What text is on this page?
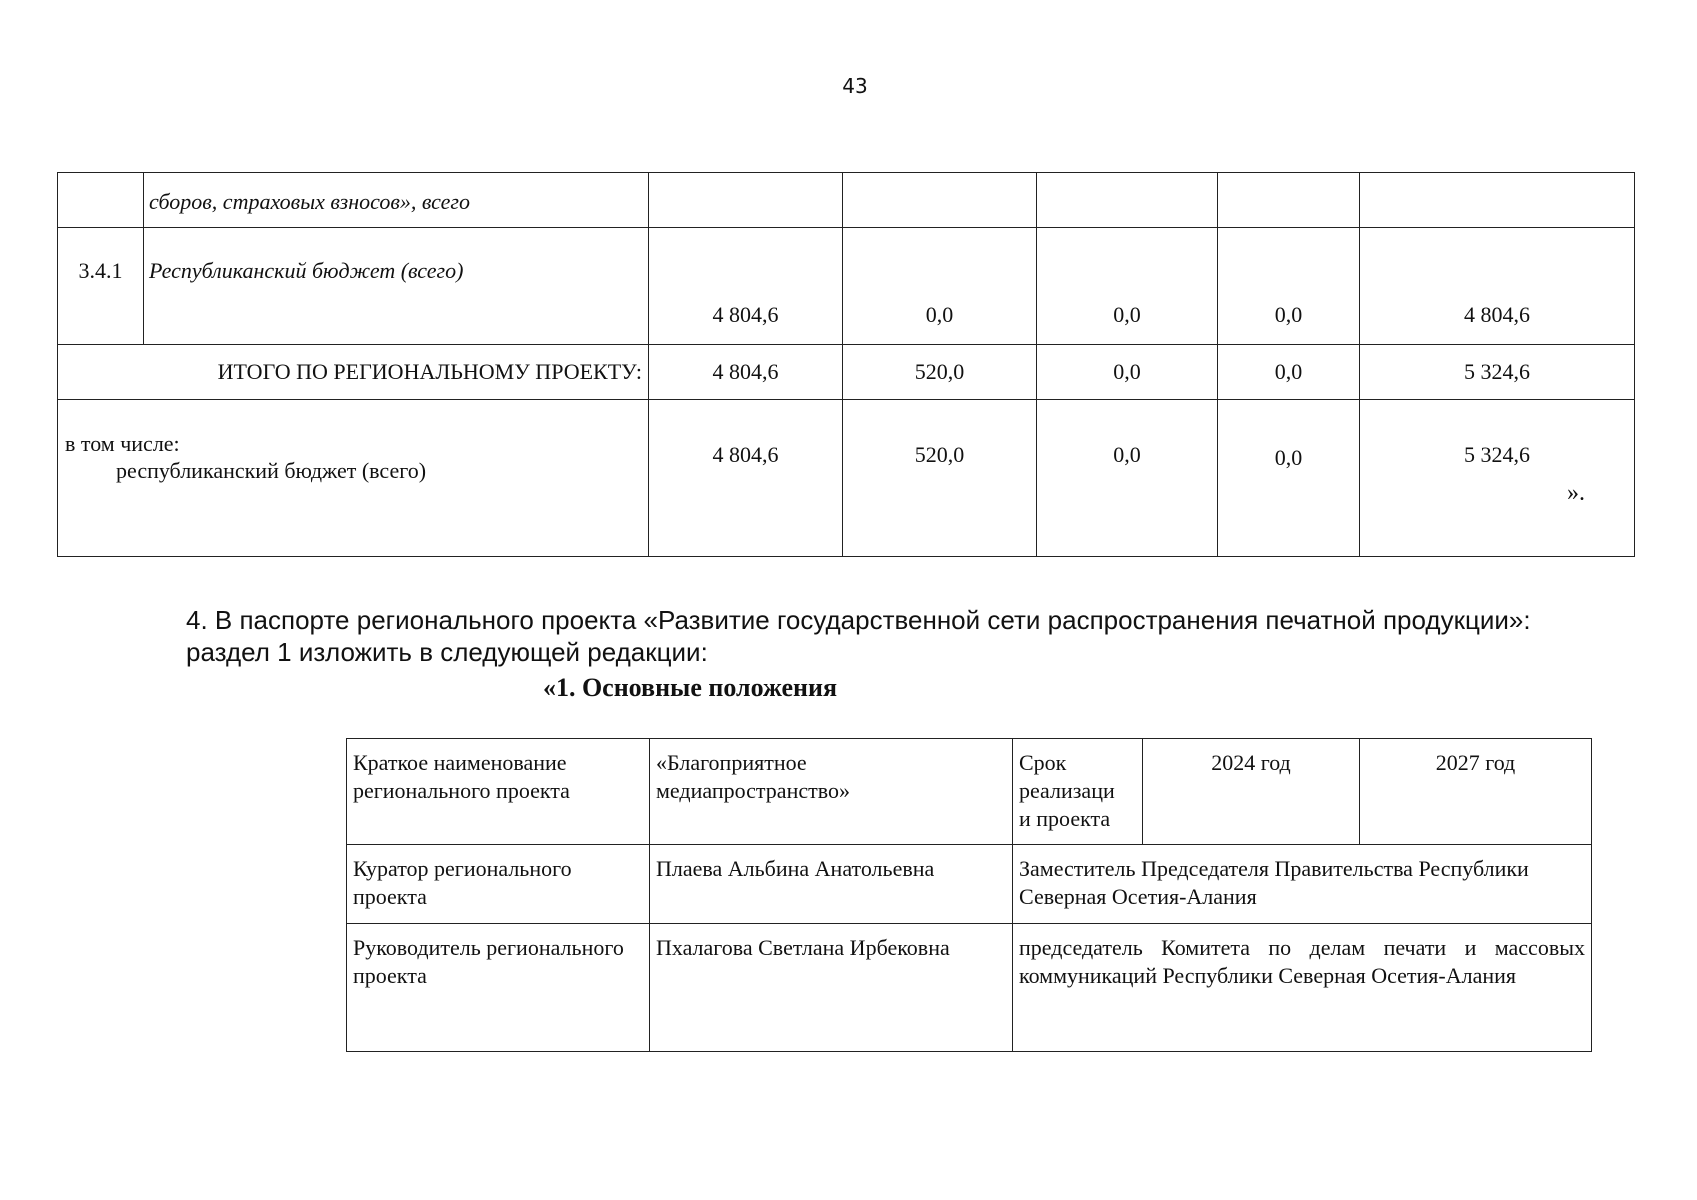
43
	сборов, страховых взносов», всего					
3.4.1	Республиканский бюджет (всего)	4 804,6	0,0	0,0	0,0	4 804,6
ИТОГО ПО РЕГИОНАЛЬНОМУ ПРОЕКТУ:		4 804,6	520,0	0,0	0,0	5 324,6
в том числе:
республиканский бюджет (всего)		4 804,6	520,0	0,0	0,0	5 324,6
».
4. В паспорте регионального проекта «Развитие государственной сети распространения печатной продукции»:
раздел 1 изложить в следующей редакции:
«1. Основные положения
Краткое наименование регионального проекта	«Благоприятное медиапространство»	Срок
реализаци
и проекта	2024 год	2027 год
Куратор регионального проекта	Плаева Альбина Анатольевна	Заместитель Председателя Правительства Республики Северная Осетия-Алания		
Руководитель регионального проекта	Пхалагова Светлана Ирбековна	председатель Комитета по делам печати и массовых коммуникаций Республики Северная Осетия-Алания		
